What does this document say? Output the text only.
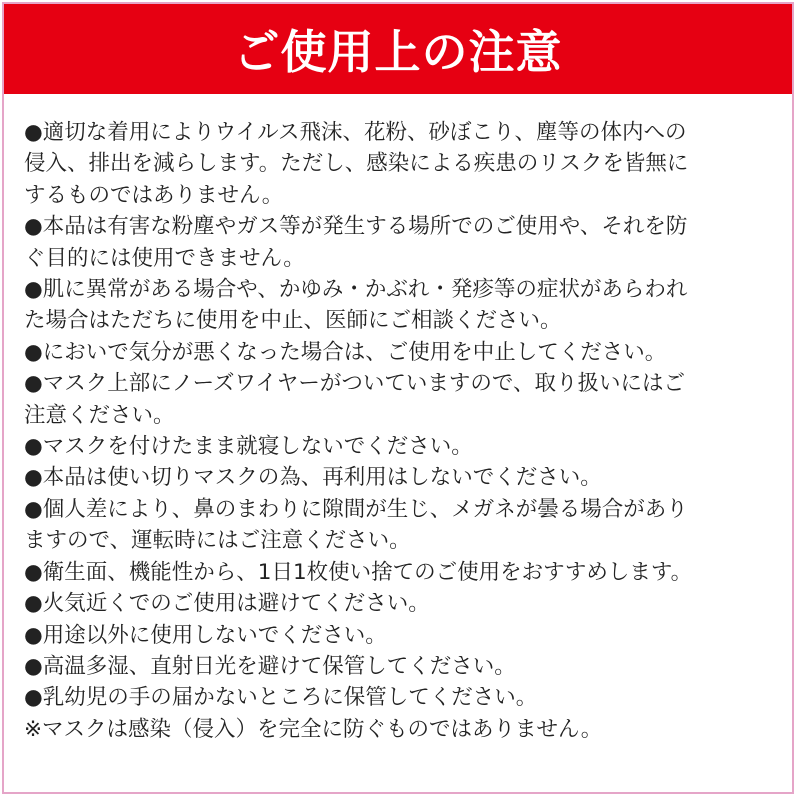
ご使用上の注意

●適切な着用によりウイルス飛沫、花粉、砂ぼこり、塵等の体内への
侵入、排出を減らします。ただし、感染による疾患のリスクを皆無に
するものではありません。

●本品は有害な粉塵やガス等が発生する場所でのご使用や、それを防
ぐ目的には使用できません。

●肌に異常がある場合や、かゆみ・かぶれ・発疹等の症状があらわれ
た場合はただちに使用を中止、医師にご相談ください。

●においで気分が悪くなった場合は、ご使用を中止してください。

●マスク上部にノーズワイヤーがついていますので、取り扱いにはご
注意ください。

●マスクを付けたまま就寝しないでください。

●本品は使い切りマスクの為、再利用はしないでください。

●個人差により、鼻のまわりに隙間が生じ、メガネが曇る場合があり
ますので、運転時にはご注意ください。

●衛生面、機能性から、1日1枚使い捨てのご使用をおすすめします。

●火気近くでのご使用は避けてください。

●用途以外に使用しないでください。

●高温多湿、直射日光を避けて保管してください。

●乳幼児の手の届かないところに保管してください。

※マスクは感染（侵入）を完全に防ぐものではありません。
